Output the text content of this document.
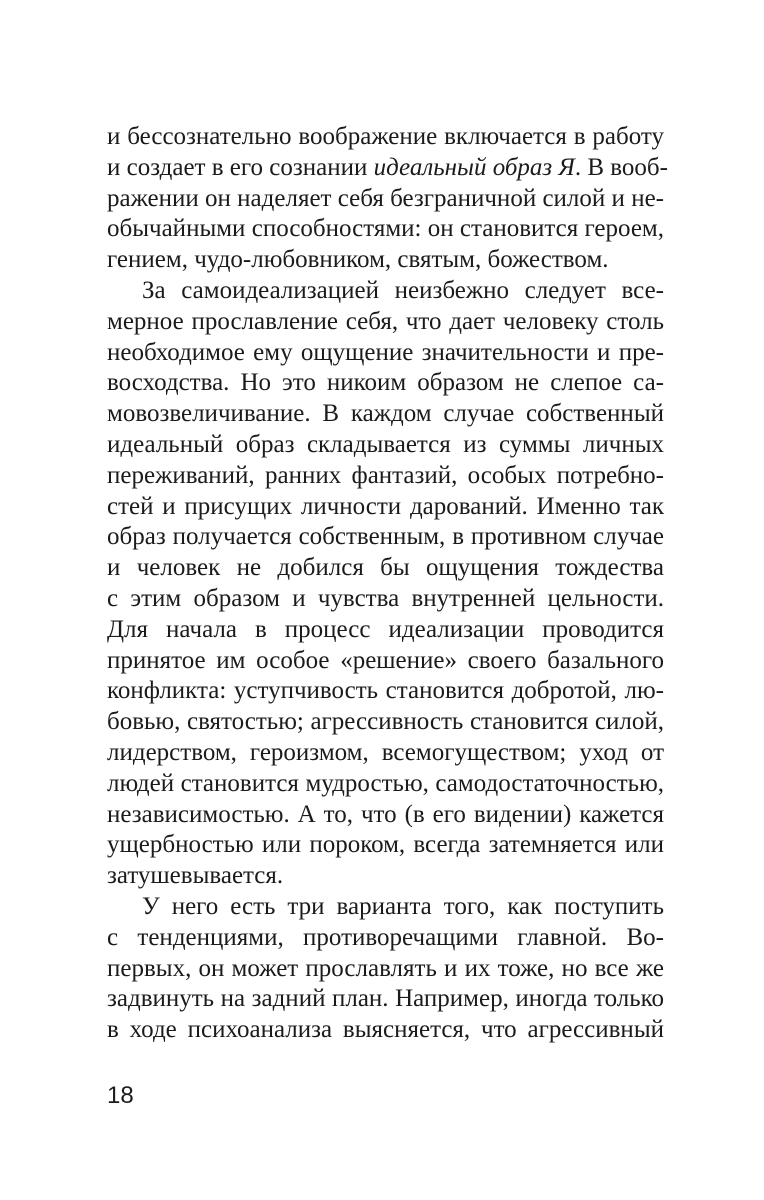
и бессознательно воображение включается в работу
и создает в его сознании идеальный образ Я. В вооб-
ражении он наделяет себя безграничной силой и не-
обычайными способностями: он становится героем,
гением, чудо-любовником, святым, божеством.
За самоидеализацией неизбежно следует все-
мерное прославление себя, что дает человеку столь
необходимое ему ощущение значительности и пре-
восходства. Но это никоим образом не слепое са-
мовозвеличивание. В каждом случае собственный
идеальный образ складывается из суммы личных
переживаний, ранних фантазий, особых потребно-
стей и присущих личности дарований. Именно так
образ получается собственным, в противном случае
и человек не добился бы ощущения тождества
с этим образом и чувства внутренней цельности.
Для начала в процесс идеализации проводится
принятое им особое «решение» своего базального
конфликта: уступчивость становится добротой, лю-
бовью, святостью; агрессивность становится силой,
лидерством, героизмом, всемогуществом; уход от
людей становится мудростью, самодостаточностью,
независимостью. А то, что (в его видении) кажется
ущербностью или пороком, всегда затемняется или
затушевывается.
У него есть три варианта того, как поступить
с тенденциями, противоречащими главной. Во-
первых, он может прославлять и их тоже, но все же
задвинуть на задний план. Например, иногда только
в ходе психоанализа выясняется, что агрессивный
18
